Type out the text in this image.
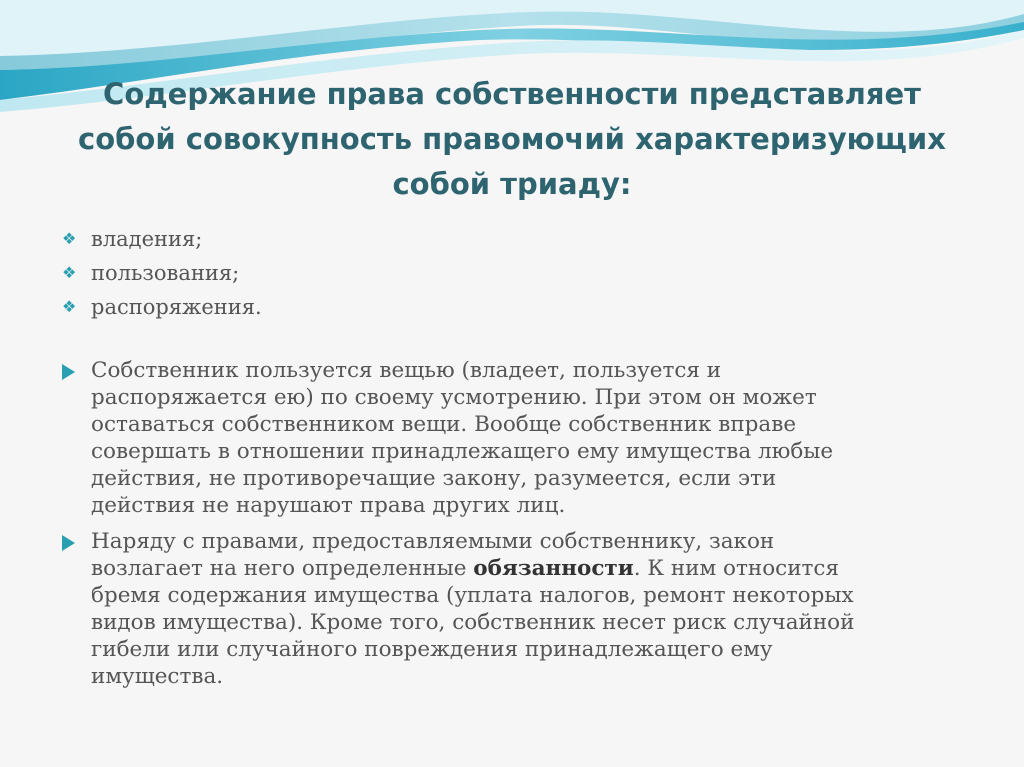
Содержание права собственности представляет
собой совокупность правомочий характеризующих
собой триаду:
❖ владения;
❖ пользования;
❖ распоряжения.
Собственник пользуется вещью (владеет, пользуется и
распоряжается ею) по своему усмотрению. При этом он может
оставаться собственником вещи. Вообще собственник вправе
совершать в отношении принадлежащего ему имущества любые
действия, не противоречащие закону, разумеется, если эти
действия не нарушают права других лиц.
Наряду с правами, предоставляемыми собственнику, закон
возлагает на него определенные обязанности. К ним относится
бремя содержания имущества (уплата налогов, ремонт некоторых
видов имущества). Кроме того, собственник несет риск случайной
гибели или случайного повреждения принадлежащего ему
имущества.
